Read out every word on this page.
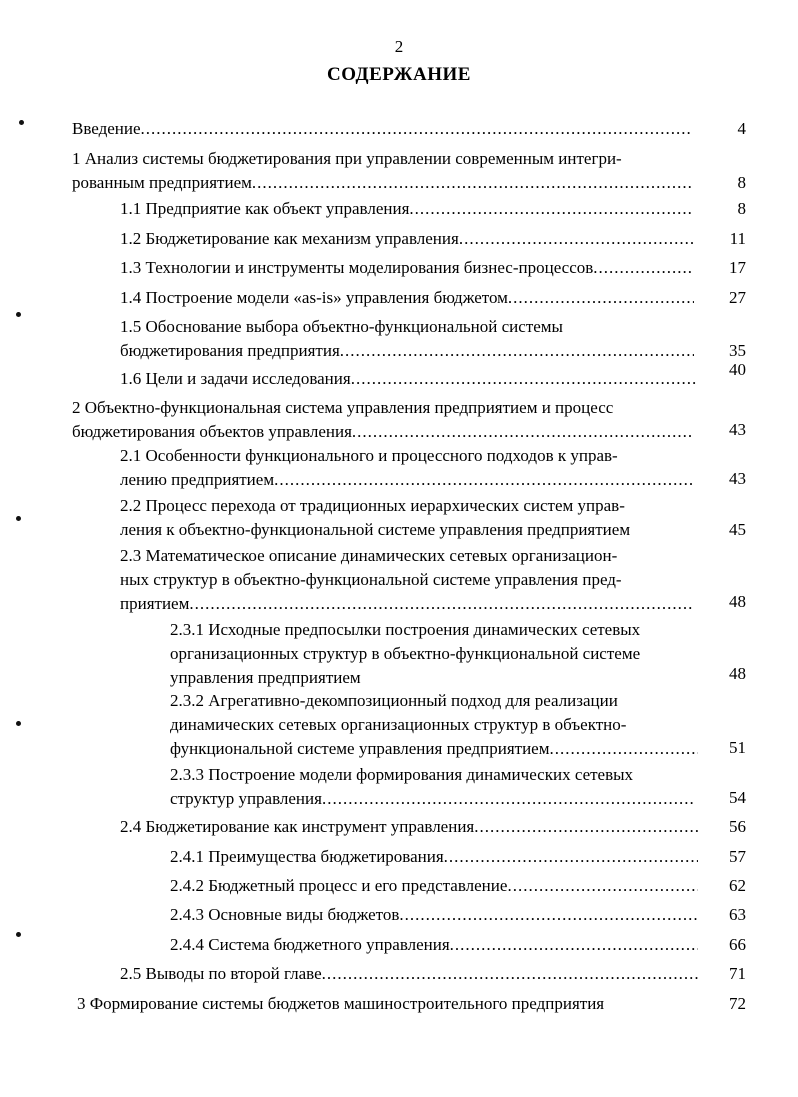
2
СОДЕРЖАНИЕ
Введение .....	4
1 Анализ системы бюджетирования при управлении современным интегри-
рованным предприятием .....	8
1.1 Предприятие как объект управления .....	8
1.2 Бюджетирование как механизм управления .....	11
1.3 Технологии и инструменты моделирования бизнес-процессов .....	17
1.4 Построение модели «as-is» управления бюджетом .....	27
1.5 Обоснование выбора объектно-функциональной системы
бюджетирования предприятия .....	35
1.6 Цели и задачи исследования .....	40
2 Объектно-функциональная система управления предприятием и процесс
бюджетирования объектов управления .....	43
2.1 Особенности функционального и процессного подходов к управ-
лению предприятием .....	43
2.2 Процесс перехода от традиционных иерархических систем управ-
ления к объектно-функциональной системе управления предприятием	45
2.3 Математическое описание динамических сетевых организацион-
ных структур в объектно-функциональной системе управления пред-
приятием .....	48
2.3.1 Исходные предпосылки построения динамических сетевых
организационных структур в объектно-функциональной системе
управления предприятием	48
2.3.2 Агрегативно-декомпозиционный подход для реализации
динамических сетевых организационных структур в объектно-
функциональной системе управления предприятием .....	51
2.3.3 Построение модели формирования динамических сетевых
структур управления .....	54
2.4 Бюджетирование как инструмент управления .....	56
2.4.1 Преимущества бюджетирования .....	57
2.4.2 Бюджетный процесс и его представление .....	62
2.4.3 Основные виды бюджетов .....	63
2.4.4 Система бюджетного управления .....	66
2.5 Выводы по второй главе .....	71
3 Формирование системы бюджетов машиностроительного предприятия	72
